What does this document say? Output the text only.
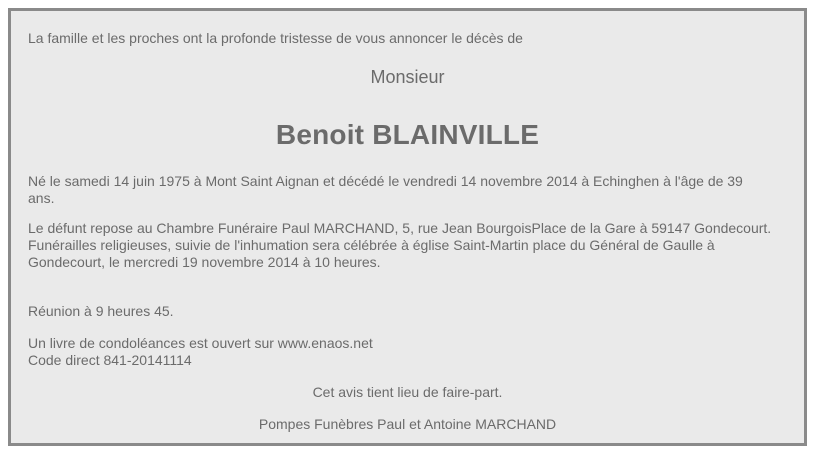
La famille et les proches ont la profonde tristesse de vous annoncer le décès de

Monsieur

Benoit BLAINVILLE

Né le samedi 14 juin 1975 à Mont Saint Aignan et décédé le vendredi 14 novembre 2014 à Echinghen à l'âge de 39 ans.

Le défunt repose au Chambre Funéraire Paul MARCHAND, 5, rue Jean BourgoisPlace de la Gare à 59147 Gondecourt.
Funérailles religieuses, suivie de l'inhumation sera célébrée à église Saint-Martin place du Général de Gaulle à Gondecourt, le mercredi 19 novembre 2014 à 10 heures.

Réunion à 9 heures 45.

Un livre de condoléances est ouvert sur www.enaos.net
Code direct 841-20141114

Cet avis tient lieu de faire-part.

Pompes Funèbres Paul et Antoine MARCHAND
